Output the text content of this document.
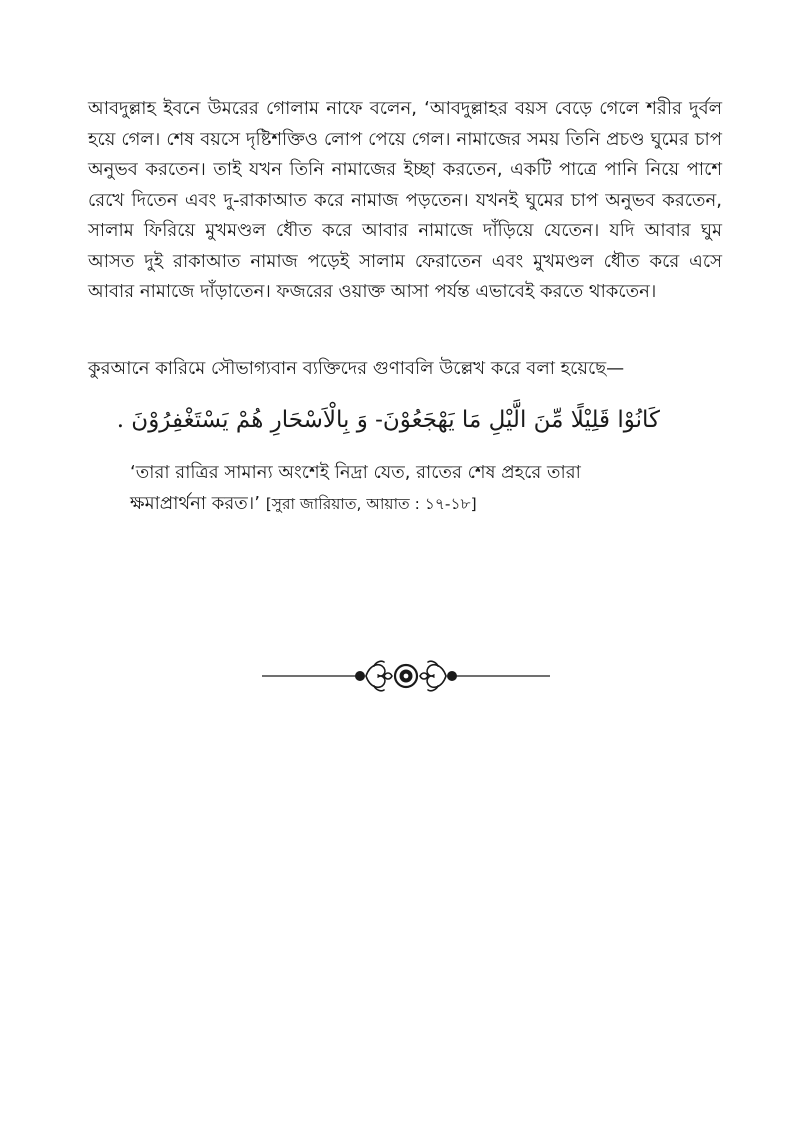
আবদুল্লাহ ইবনে উমরের গোলাম নাফে বলেন, ‘আবদুল্লাহর বয়স বেড়ে গেলে শরীর দুর্বল হয়ে গেল। শেষ বয়সে দৃষ্টিশক্তিও লোপ পেয়ে গেল। নামাজের সময় তিনি প্রচণ্ড ঘুমের চাপ অনুভব করতেন। তাই যখন তিনি নামাজের ইচ্ছা করতেন, একটি পাত্রে পানি নিয়ে পাশে রেখে দিতেন এবং দু-রাকাআত করে নামাজ পড়তেন। যখনই ঘুমের চাপ অনুভব করতেন, সালাম ফিরিয়ে মুখমণ্ডল ধৌত করে আবার নামাজে দাঁড়িয়ে যেতেন। যদি আবার ঘুম আসত দুই রাকাআত নামাজ পড়েই সালাম ফেরাতেন এবং মুখমণ্ডল ধৌত করে এসে আবার নামাজে দাঁড়াতেন। ফজরের ওয়াক্ত আসা পর্যন্ত এভাবেই করতে থাকতেন।

কুরআনে কারিমে সৌভাগ্যবান ব্যক্তিদের গুণাবলি উল্লেখ করে বলা হয়েছে—
كَانُوْا قَلِيْلًا مِّنَ الَّيْلِ مَا يَهْجَعُوْنَ- وَ بِالْاَسْحَارِ هُمْ يَسْتَغْفِرُوْنَ .
‘তারা রাত্রির সামান্য অংশেই নিদ্রা যেত, রাতের শেষ প্রহরে তারা ক্ষমাপ্রার্থনা করত।’ [সুরা জারিয়াত, আয়াত : ১৭-১৮]
